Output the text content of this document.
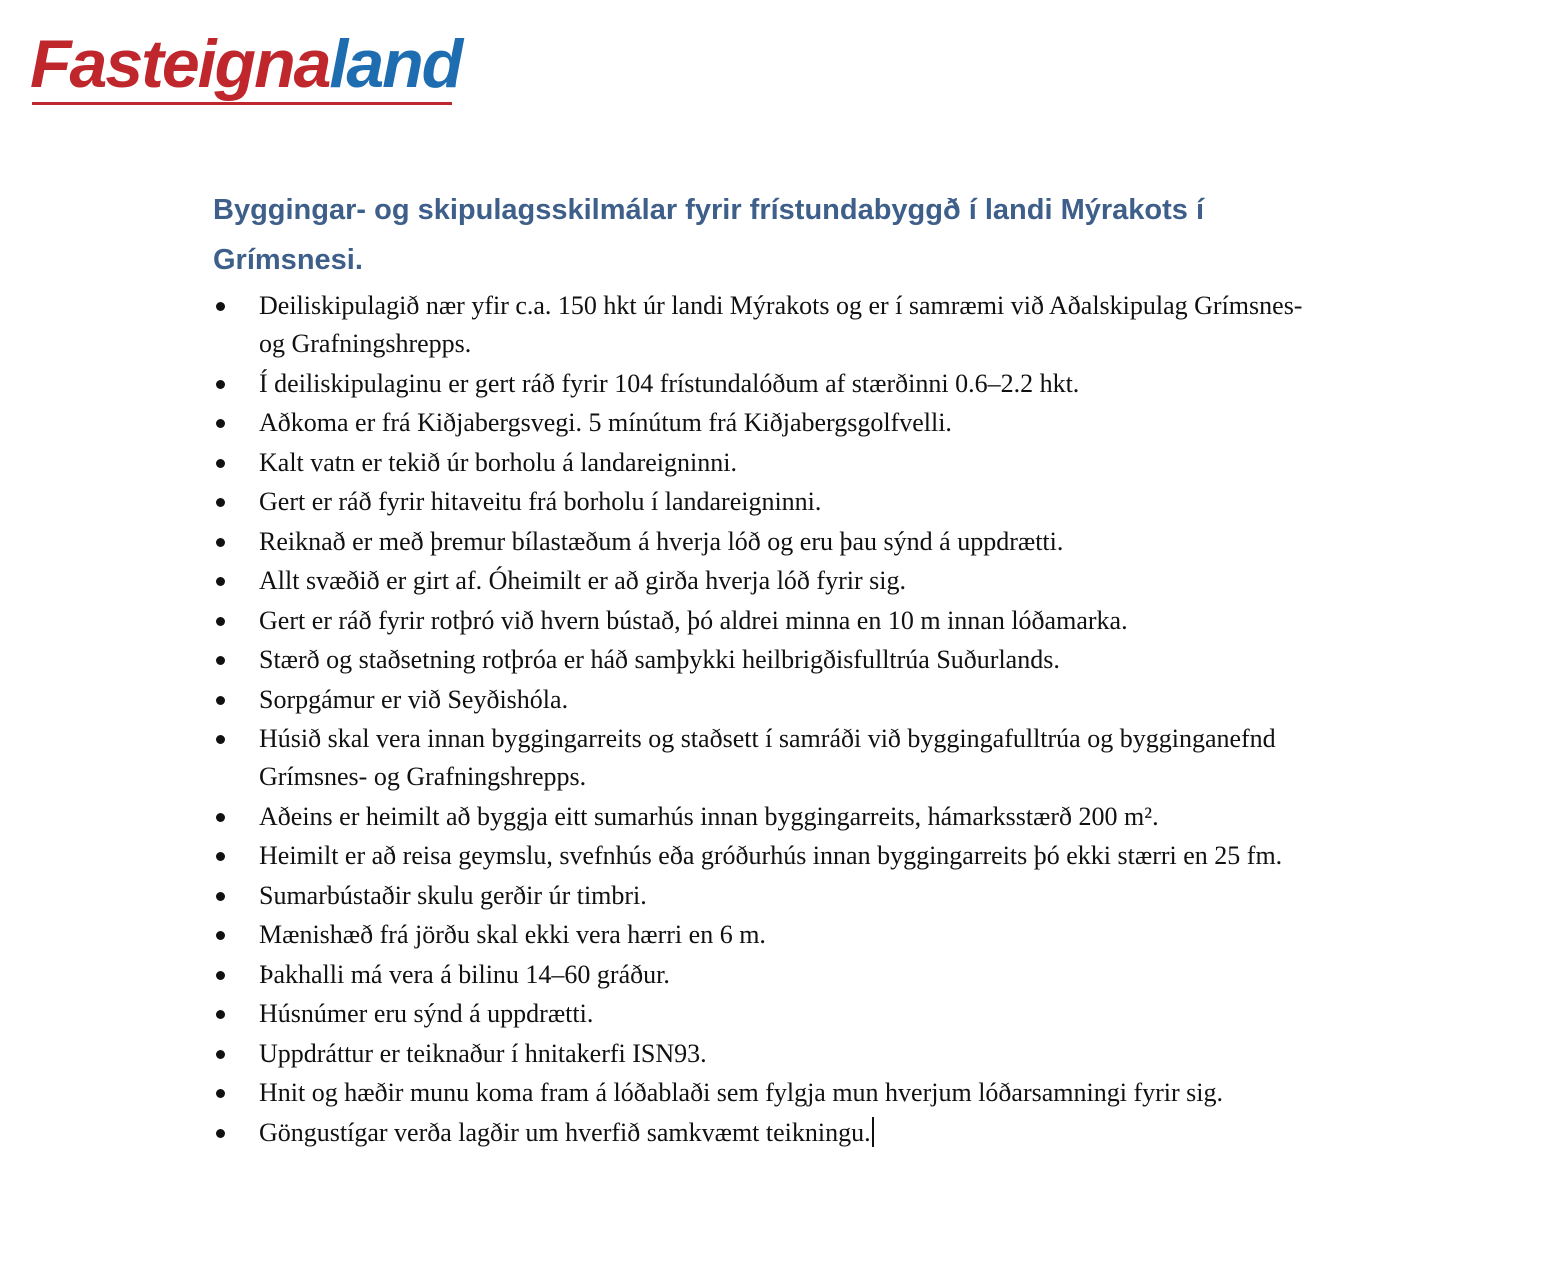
Fasteignaland
Byggingar- og skipulagsskilmálar fyrir frístundabyggð í landi Mýrakots í Grímsnesi.
Deiliskipulagið nær yfir c.a. 150 hkt úr landi Mýrakots og er í samræmi við Aðalskipulag Grímsnes- og Grafningshrepps.
Í deiliskipulaginu er gert ráð fyrir 104 frístundalóðum af stærðinni 0.6–2.2 hkt.
Aðkoma er frá Kiðjabergsvegi. 5 mínútum frá Kiðjabergsgolfvelli.
Kalt vatn er tekið úr borholu á landareigninni.
Gert er ráð fyrir hitaveitu frá borholu í landareigninni.
Reiknað er með þremur bílastæðum á hverja lóð og eru þau sýnd á uppdrætti.
Allt svæðið er girt af. Óheimilt er að girða hverja lóð fyrir sig.
Gert er ráð fyrir rotþró við hvern bústað, þó aldrei minna en 10 m innan lóðamarka.
Stærð og staðsetning rotþróa er háð samþykki heilbrigðisfulltrúa Suðurlands.
Sorpgámur er við Seyðishóla.
Húsið skal vera innan byggingarreits og staðsett í samráði við byggingafulltrúa og bygginganefnd Grímsnes- og Grafningshrepps.
Aðeins er heimilt að byggja eitt sumarhús innan byggingarreits, hámarksstærð 200 m².
Heimilt er að reisa geymslu, svefnhús eða gróðurhús innan byggingarreits þó ekki stærri en 25 fm.
Sumarbústaðir skulu gerðir úr timbri.
Mænishæð frá jörðu skal ekki vera hærri en 6 m.
Þakhalli má vera á bilinu 14–60 gráður.
Húsnúmer eru sýnd á uppdrætti.
Uppdráttur er teiknaður í hnitakerfi ISN93.
Hnit og hæðir munu koma fram á lóðablaði sem fylgja mun hverjum lóðarsamningi fyrir sig.
Göngustígar verða lagðir um hverfið samkvæmt teikningu.
